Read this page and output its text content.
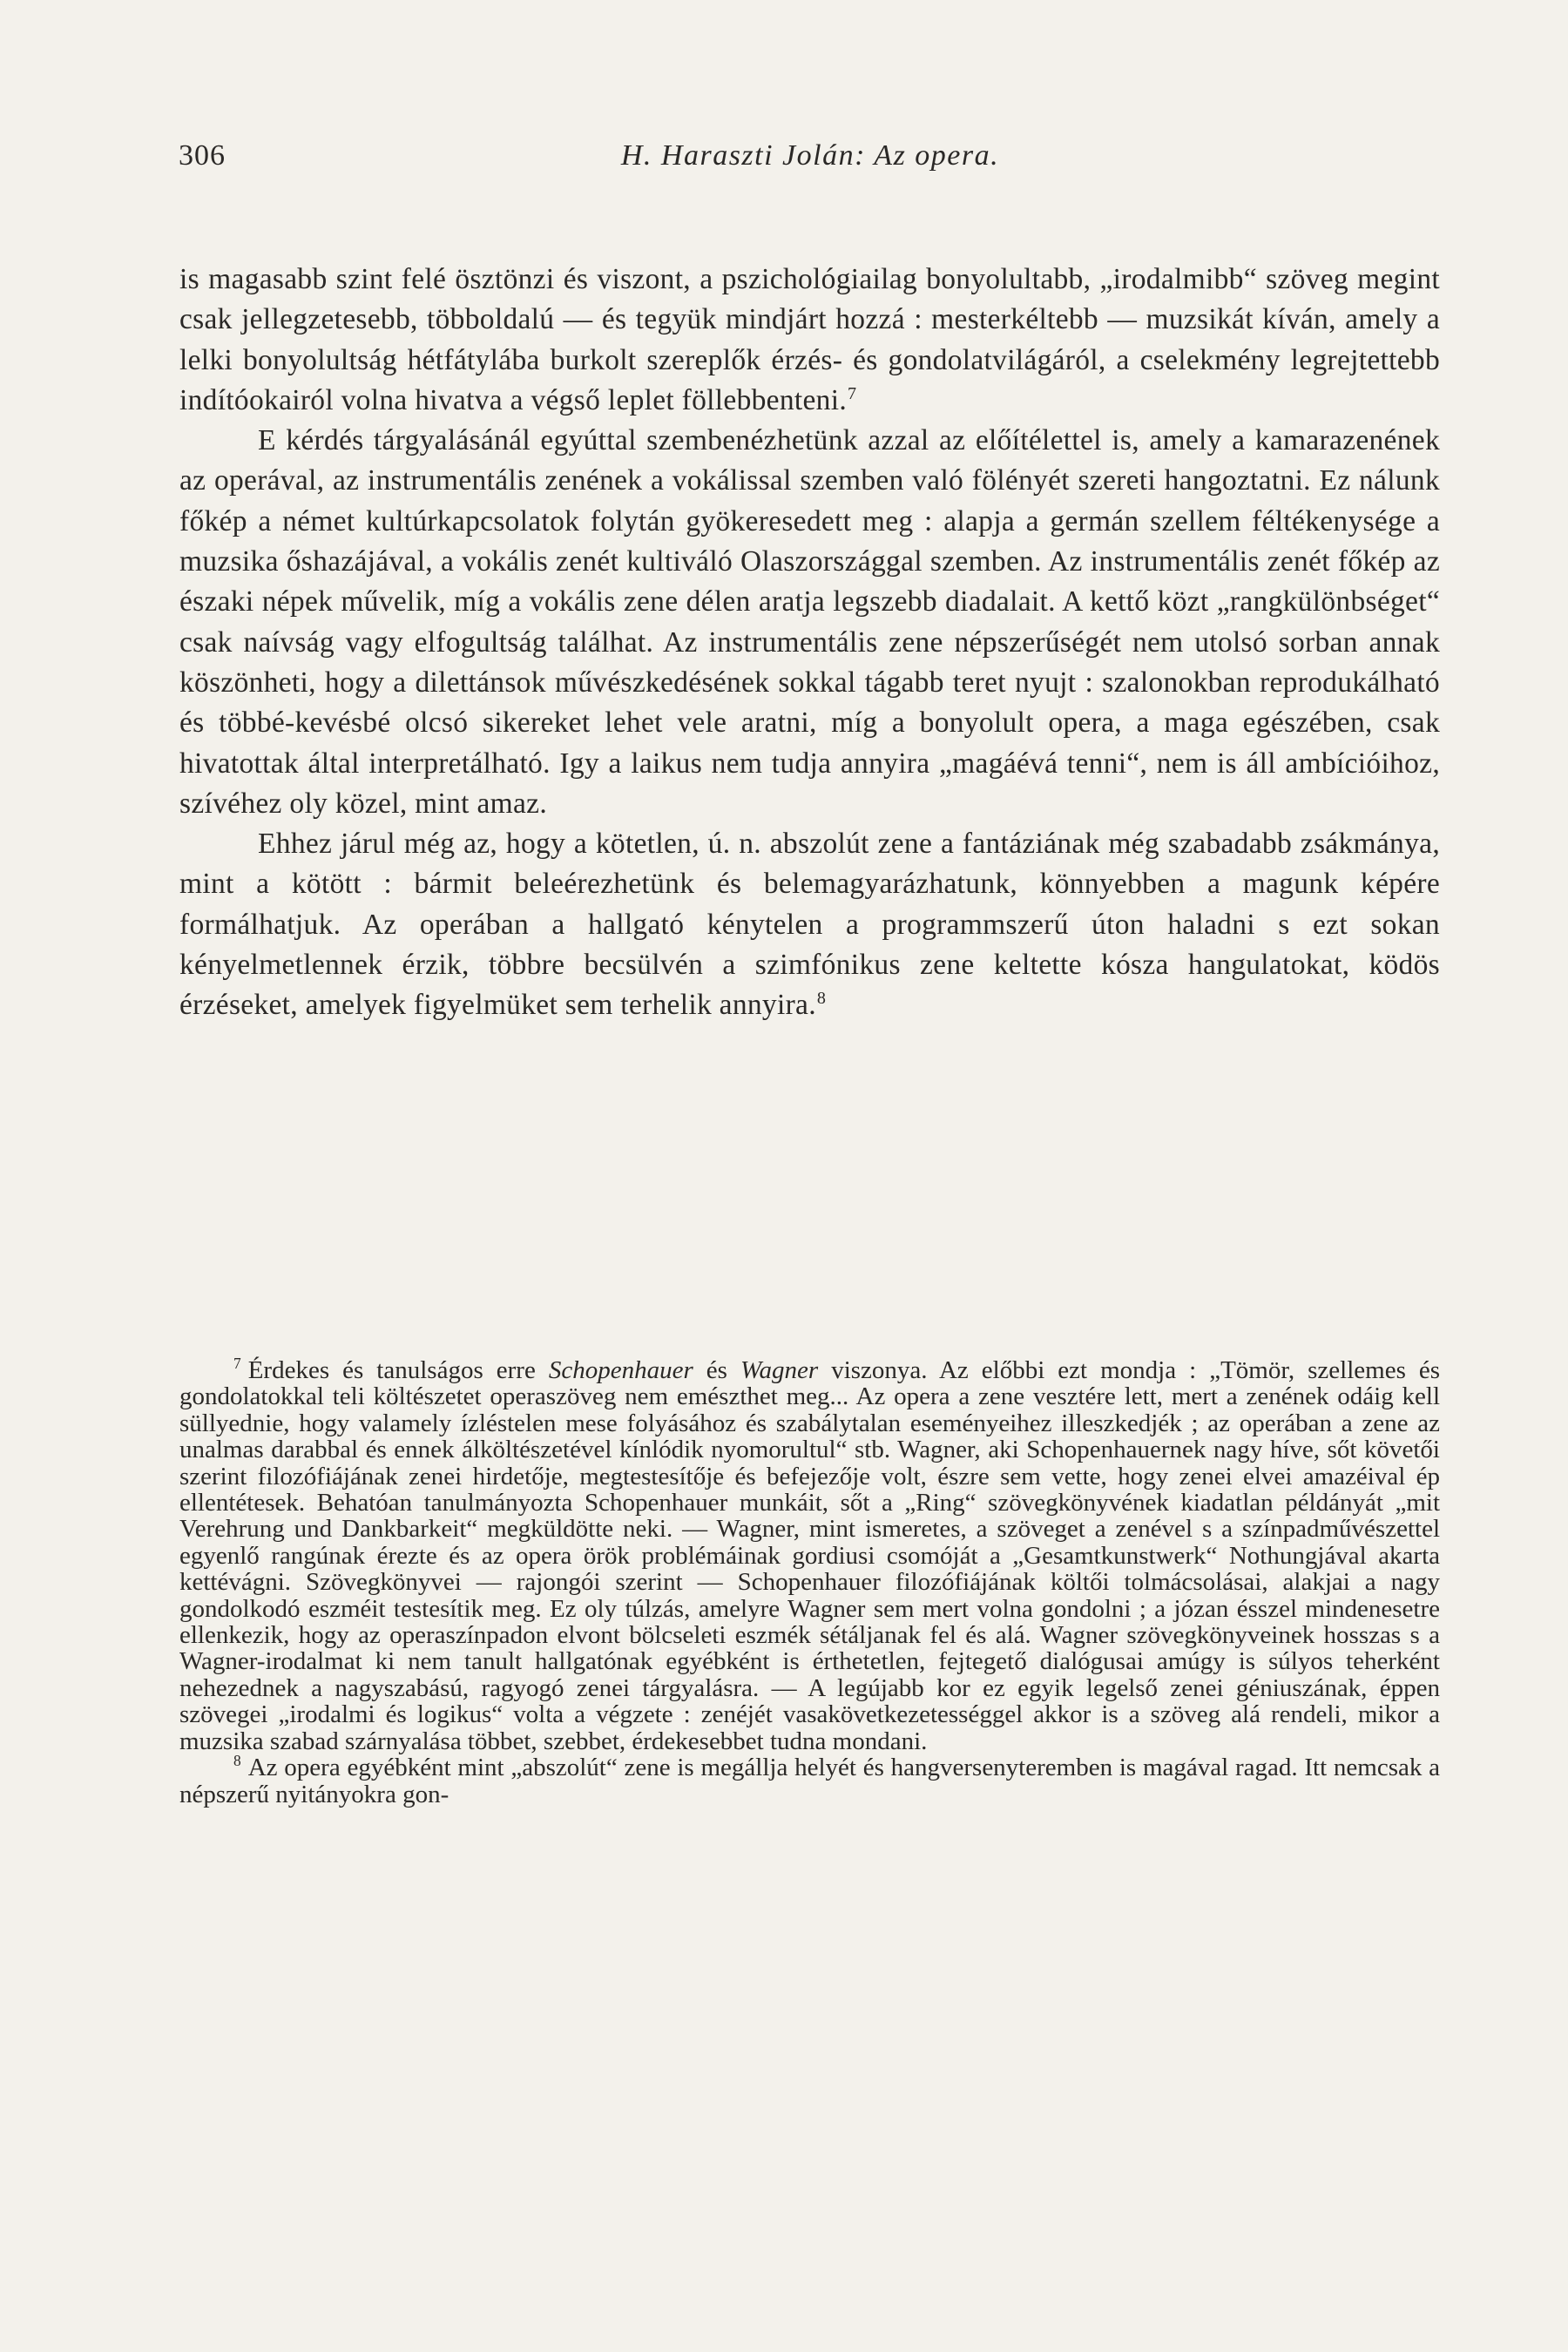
306	H. Haraszti Jolán: Az opera.

is magasabb szint felé ösztönzi és viszont, a pszichológiailag bonyolultabb, „irodalmibb“ szöveg megint csak jellegzetesebb, többoldalú — és tegyük mindjárt hozzá : mesterkéltebb — muzsikát kíván, amely a lelki bonyolultság hétfátylába burkolt szereplők érzés- és gondolatvilágáról, a cselekmény legrejtettebb indítóokairól volna hivatva a végső leplet föllebbenteni.$^7$

E kérdés tárgyalásánál egyúttal szembenézhetünk azzal az előítélettel is, amely a kamarazenének az operával, az instrumentális zenének a vokálissal szemben való fölényét szereti hangoztatni. Ez nálunk főkép a német kultúrkapcsolatok folytán gyökeresedett meg : alapja a germán szellem féltékenysége a muzsika őshazájával, a vokális zenét kultiváló Olaszországgal szemben. Az instrumentális zenét főkép az északi népek művelik, míg a vokális zene délen aratja legszebb diadalait. A kettő közt „rangkülönbséget“ csak naívság vagy elfogultság találhat. Az instrumentális zene népszerűségét nem utolsó sorban annak köszönheti, hogy a dilettánsok művészkedésének sokkal tágabb teret nyujt : szalonokban reprodukálható és többé-kevésbé olcsó sikereket lehet vele aratni, míg a bonyolult opera, a maga egészében, csak hivatottak által interpretálható. Igy a laikus nem tudja annyira „magáévá tenni“, nem is áll ambícióihoz, szívéhez oly közel, mint amaz.

Ehhez járul még az, hogy a kötetlen, ú. n. abszolút zene a fantáziának még szabadabb zsákmánya, mint a kötött : bármit beleérezhetünk és belemagyarázhatunk, könnyebben a magunk képére formálhatjuk. Az operában a hallgató kénytelen a programmszerű úton haladni s ezt sokan kényelmetlennek érzik, többre becsülvén a szimfónikus zene keltette kósza hangulatokat, ködös érzéseket, amelyek figyelmüket sem terhelik annyira.$^8$

$^7$ Érdekes és tanulságos erre Schopenhauer és Wagner viszonya. Az előbbi ezt mondja : „Tömör, szellemes és gondolatokkal teli költészetet operaszöveg nem emészthet meg... Az opera a zene vesztére lett, mert a zenének odáig kell süllyednie, hogy valamely ízléstelen mese folyásához és szabálytalan eseményeihez illeszkedjék ; az operában a zene az unalmas darabbal és ennek álköltészetével kínlódik nyomorultul“ stb. Wagner, aki Schopenhauernek nagy híve, sőt követői szerint filozófiájának zenei hirdetője, megtestesítője és befejezője volt, észre sem vette, hogy zenei elvei amazéival ép ellentétesek. Behatóan tanulmányozta Schopenhauer munkáit, sőt a „Ring“ szövegkönyvének kiadatlan példányát „mit Verehrung und Dankbarkeit“ megküldötte neki. — Wagner, mint ismeretes, a szöveget a zenével s a színpadművészettel egyenlő rangúnak érezte és az opera örök problémáinak gordiusi csomóját a „Gesamtkunstwerk“ Nothungjával akarta kettévágni. Szövegkönyvei — rajongói szerint — Schopenhauer filozófiájának költői tolmácsolásai, alakjai a nagy gondolkodó eszméit testesítik meg. Ez oly túlzás, amelyre Wagner sem mert volna gondolni ; a józan ésszel mindenesetre ellenkezik, hogy az operaszínpadon elvont bölcseleti eszmék sétáljanak fel és alá. Wagner szövegkönyveinek hosszas s a Wagner-irodalmat ki nem tanult hallgatónak egyébként is érthetetlen, fejtegető dialógusai amúgy is súlyos teherként nehezednek a nagyszabású, ragyogó zenei tárgyalásra. — A legújabb kor ez egyik legelső zenei géniuszának, éppen szövegei „irodalmi és logikus“ volta a végzete : zenéjét vasakövetkezetességgel akkor is a szöveg alá rendeli, mikor a muzsika szabad szárnyalása többet, szebbet, érdekesebbet tudna mondani.

$^8$ Az opera egyébként mint „abszolút“ zene is megállja helyét és hangversenyteremben is magával ragad. Itt nemcsak a népszerű nyitányokra gon-
